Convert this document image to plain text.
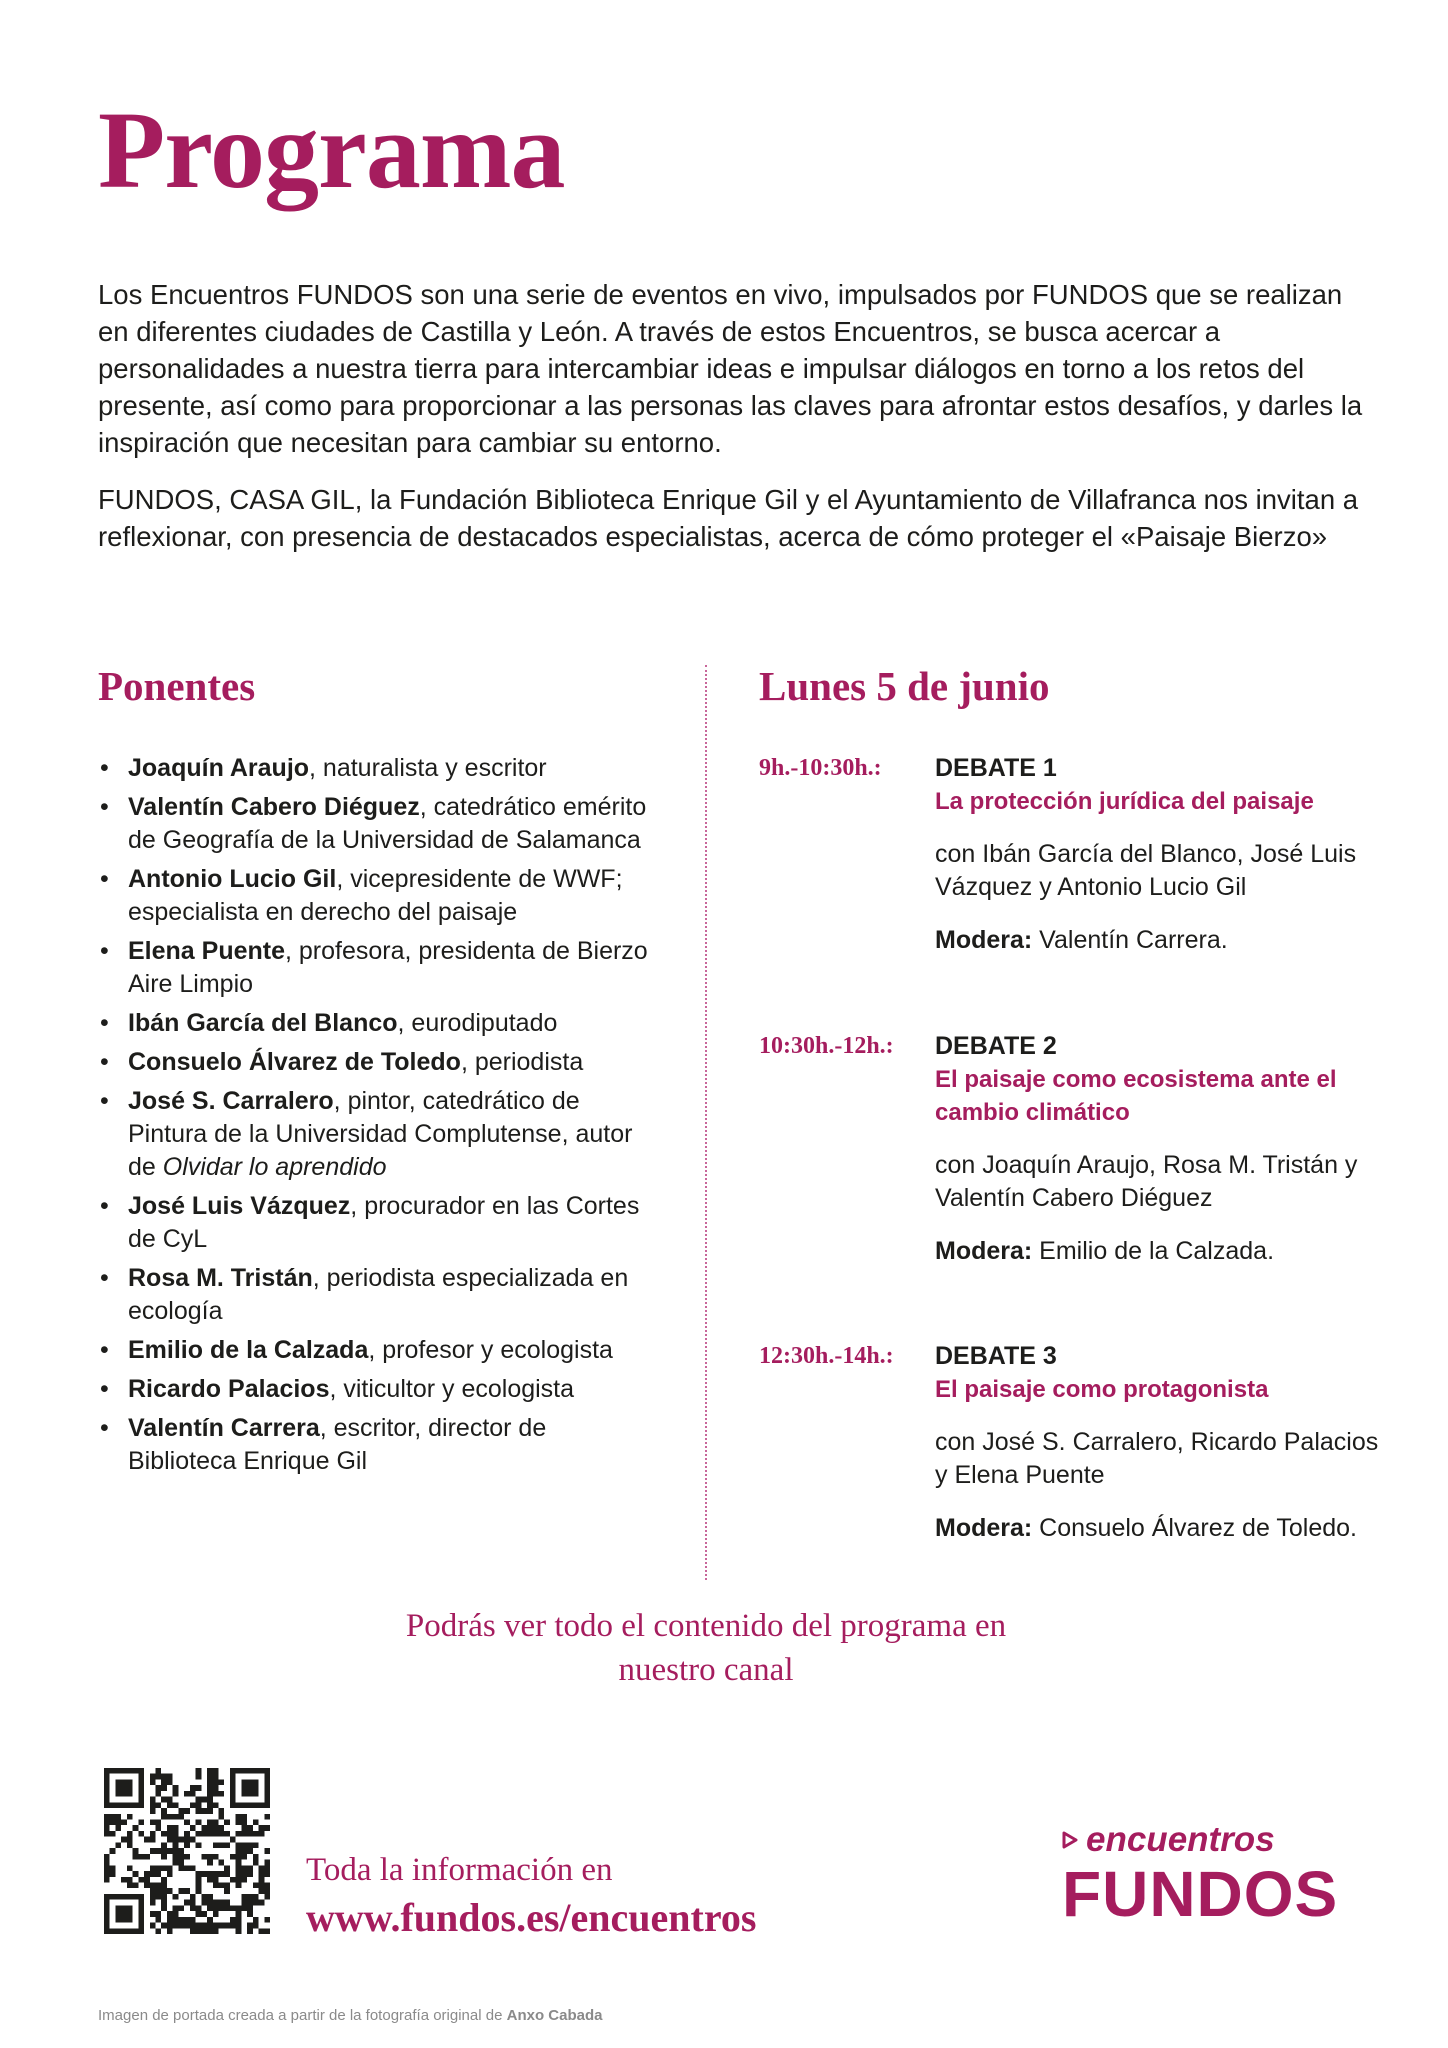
Programa

Los Encuentros FUNDOS son una serie de eventos en vivo, impulsados por FUNDOS que se realizan en diferentes ciudades de Castilla y León. A través de estos Encuentros, se busca acercar a personalidades a nuestra tierra para intercambiar ideas e impulsar diálogos en torno a los retos del presente, así como para proporcionar a las personas las claves para afrontar estos desafíos, y darles la inspiración que necesitan para cambiar su entorno.

FUNDOS, CASA GIL, la Fundación Biblioteca Enrique Gil y el Ayuntamiento de Villafranca nos invitan a reflexionar, con presencia de destacados especialistas, acerca de cómo proteger el «Paisaje Bierzo»

Ponentes	Lunes 5 de junio
• Joaquín Araujo, naturalista y escritor
• Valentín Cabero Diéguez, catedrático emérito de Geografía de la Universidad de Salamanca
• Antonio Lucio Gil, vicepresidente de WWF; especialista en derecho del paisaje
• Elena Puente, profesora, presidenta de Bierzo Aire Limpio
• Ibán García del Blanco, eurodiputado
• Consuelo Álvarez de Toledo, periodista
• José S. Carralero, pintor, catedrático de Pintura de la Universidad Complutense, autor de Olvidar lo aprendido
• José Luis Vázquez, procurador en las Cortes de CyL
• Rosa M. Tristán, periodista especializada en ecología
• Emilio de la Calzada, profesor y ecologista
• Ricardo Palacios, viticultor y ecologista
• Valentín Carrera, escritor, director de Biblioteca Enrique Gil
9h.-10:30h.:	DEBATE 1
La protección jurídica del paisaje
con Ibán García del Blanco, José Luis Vázquez y Antonio Lucio Gil
Modera: Valentín Carrera.
10:30h.-12h.:	DEBATE 2
El paisaje como ecosistema ante el cambio climático
con Joaquín Araujo, Rosa M. Tristán y Valentín Cabero Diéguez
Modera: Emilio de la Calzada.
12:30h.-14h.:	DEBATE 3
El paisaje como protagonista
con José S. Carralero, Ricardo Palacios y Elena Puente
Modera: Consuelo Álvarez de Toledo.
Podrás ver todo el contenido del programa en nuestro canal
Toda la información en
www.fundos.es/encuentros
encuentros
FUNDOS
Imagen de portada creada a partir de la fotografía original de Anxo Cabada
